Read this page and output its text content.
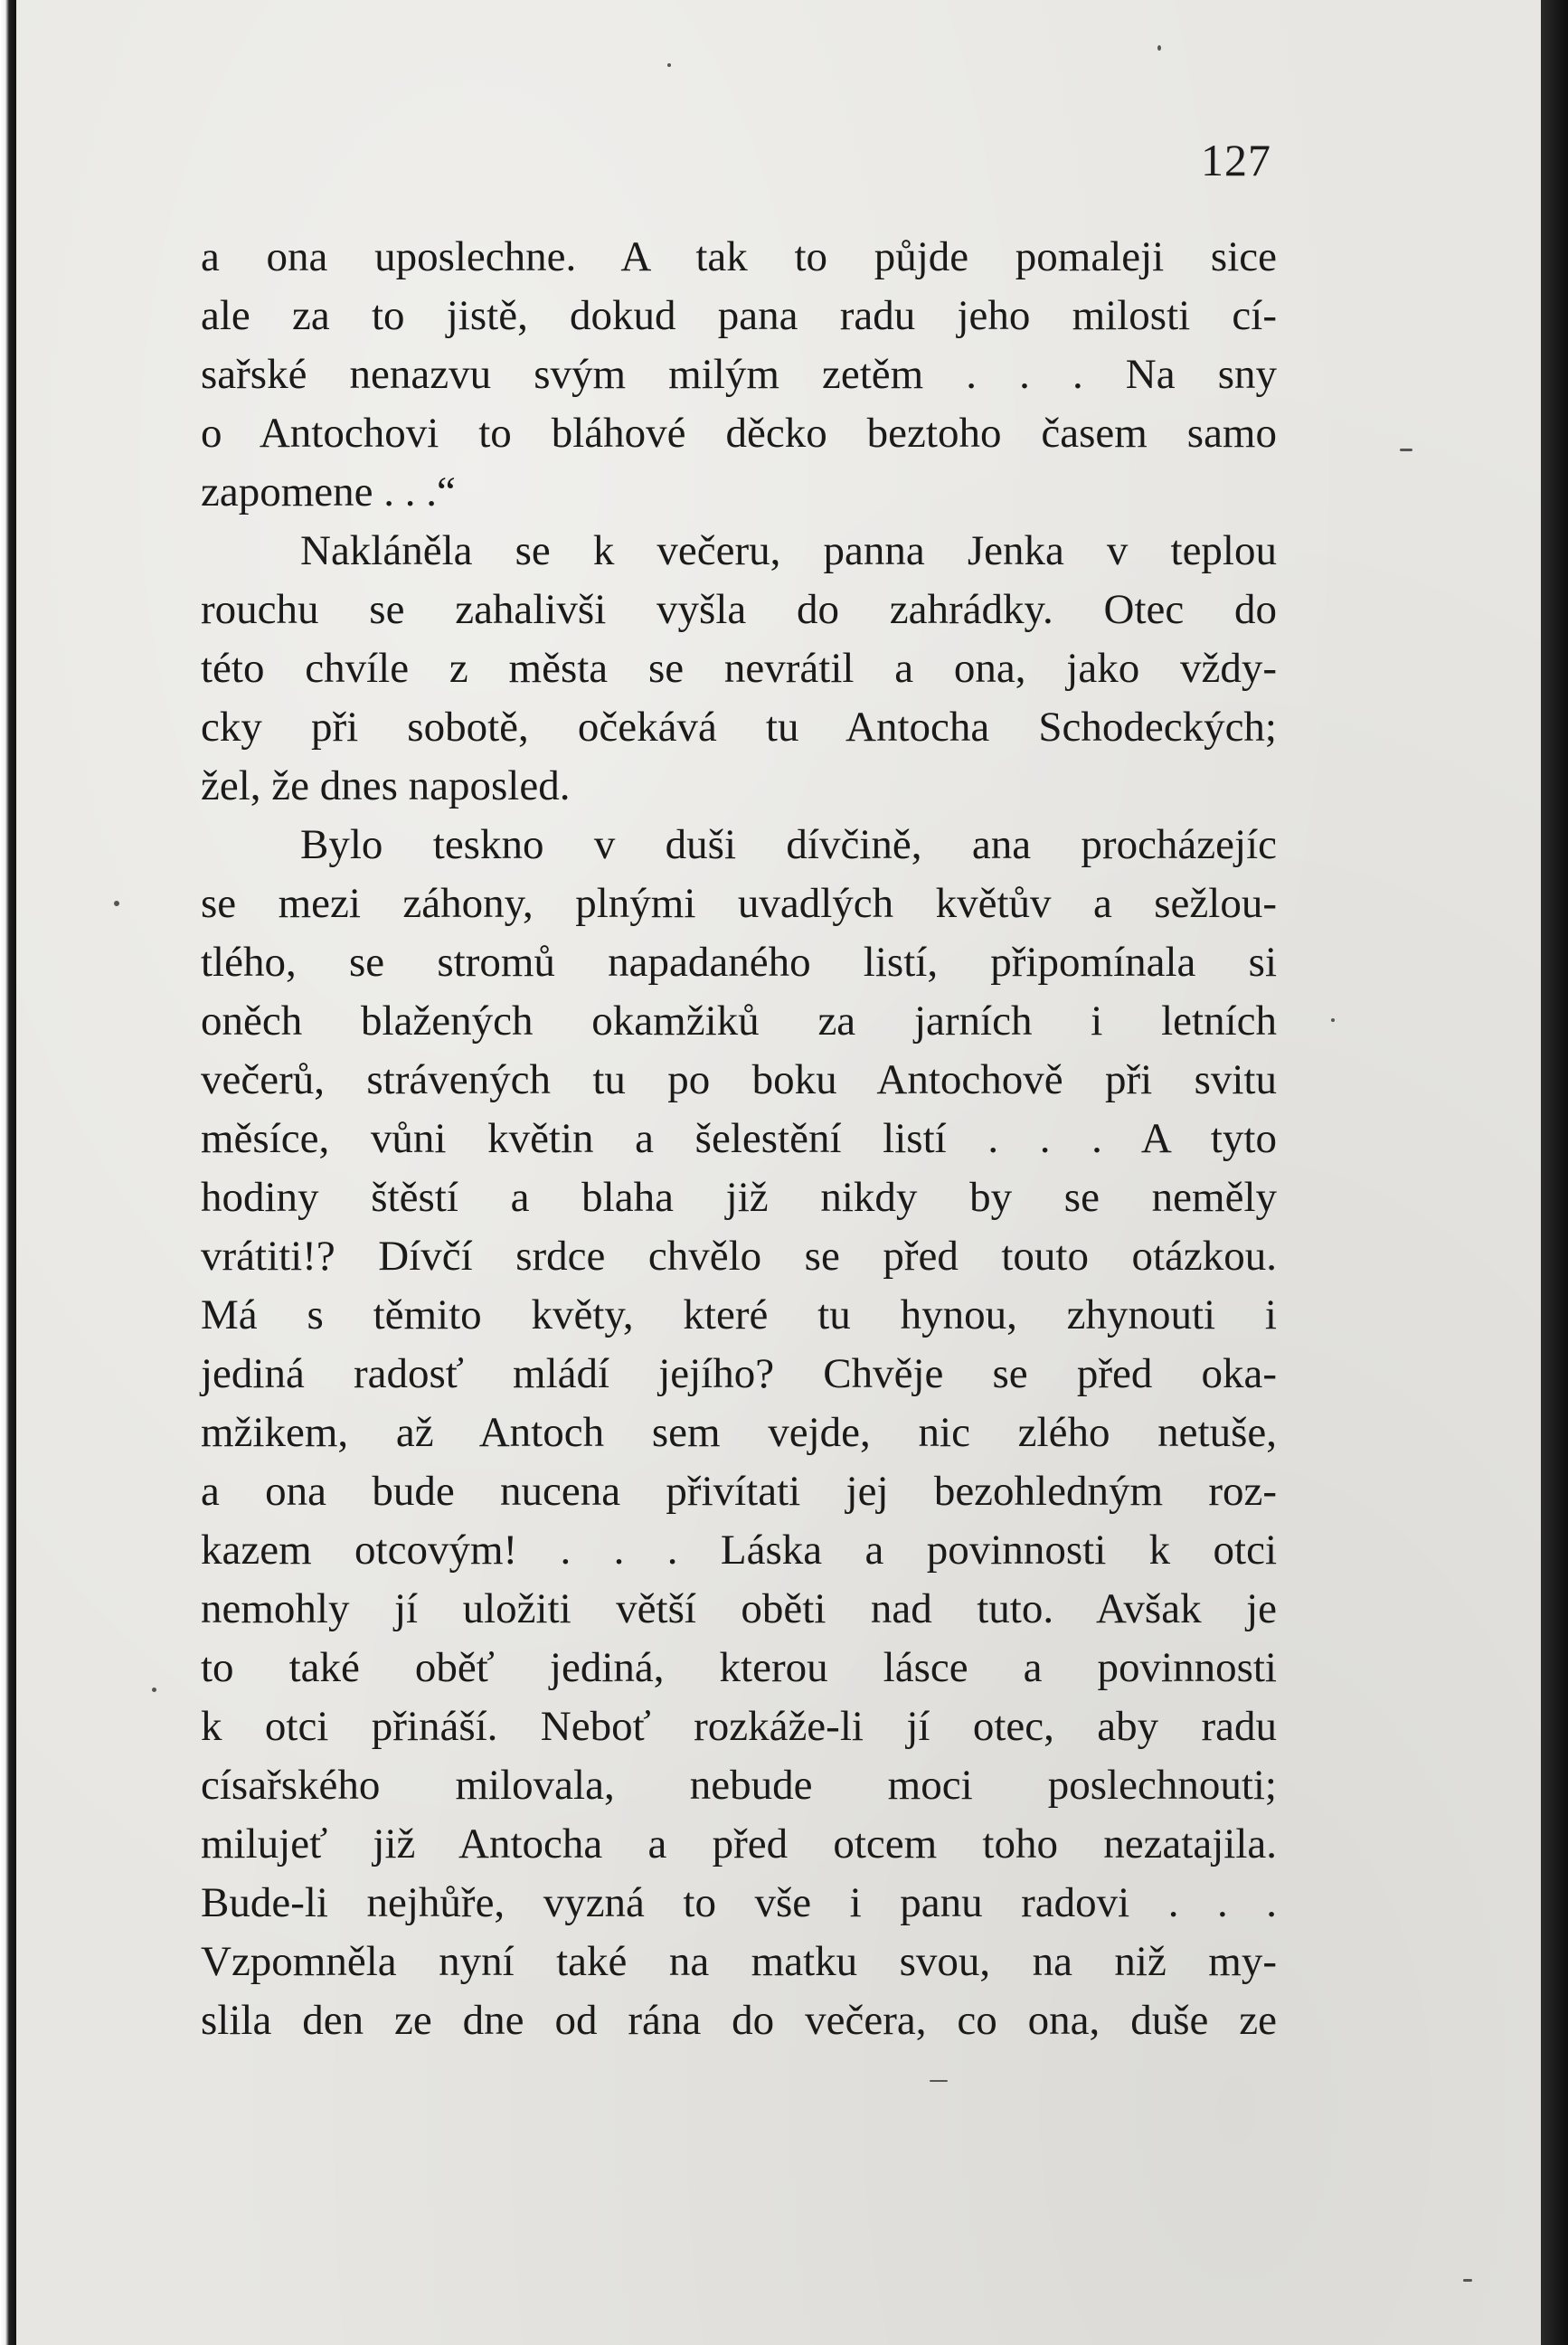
127
a ona uposlechne. A tak to půjde pomaleji sice
ale za to jistě, dokud pana radu jeho milosti cí-
sařské nenazvu svým milým zetěm . . . Na sny
o Antochovi to bláhové děcko beztoho časem samo
zapomene . . .“
Nakláněla se k večeru, panna Jenka v teplou
rouchu se zahalivši vyšla do zahrádky. Otec do
této chvíle z města se nevrátil a ona, jako vždy-
cky při sobotě, očekává tu Antocha Schodeckých;
žel, že dnes naposled.
Bylo teskno v duši dívčině, ana procházejíc
se mezi záhony, plnými uvadlých květův a sežlou-
tlého, se stromů napadaného listí, připomínala si
oněch blažených okamžiků za jarních i letních
večerů, strávených tu po boku Antochově při svitu
měsíce, vůni květin a šelestění listí . . . A tyto
hodiny štěstí a blaha již nikdy by se neměly
vrátiti!? Dívčí srdce chvělo se před touto otázkou.
Má s těmito květy, které tu hynou, zhynouti i
jediná radosť mládí jejího? Chvěje se před oka-
mžikem, až Antoch sem vejde, nic zlého netuše,
a ona bude nucena přivítati jej bezohledným roz-
kazem otcovým! . . . Láska a povinnosti k otci
nemohly jí uložiti větší oběti nad tuto. Avšak je
to také oběť jediná, kterou lásce a povinnosti
k otci přináší. Neboť rozkáže-li jí otec, aby radu
císařského milovala, nebude moci poslechnouti;
milujeť již Antocha a před otcem toho nezatajila.
Bude-li nejhůře, vyzná to vše i panu radovi . . .
Vzpomněla nyní také na matku svou, na niž my-
slila den ze dne od rána do večera, co ona, duše ze
